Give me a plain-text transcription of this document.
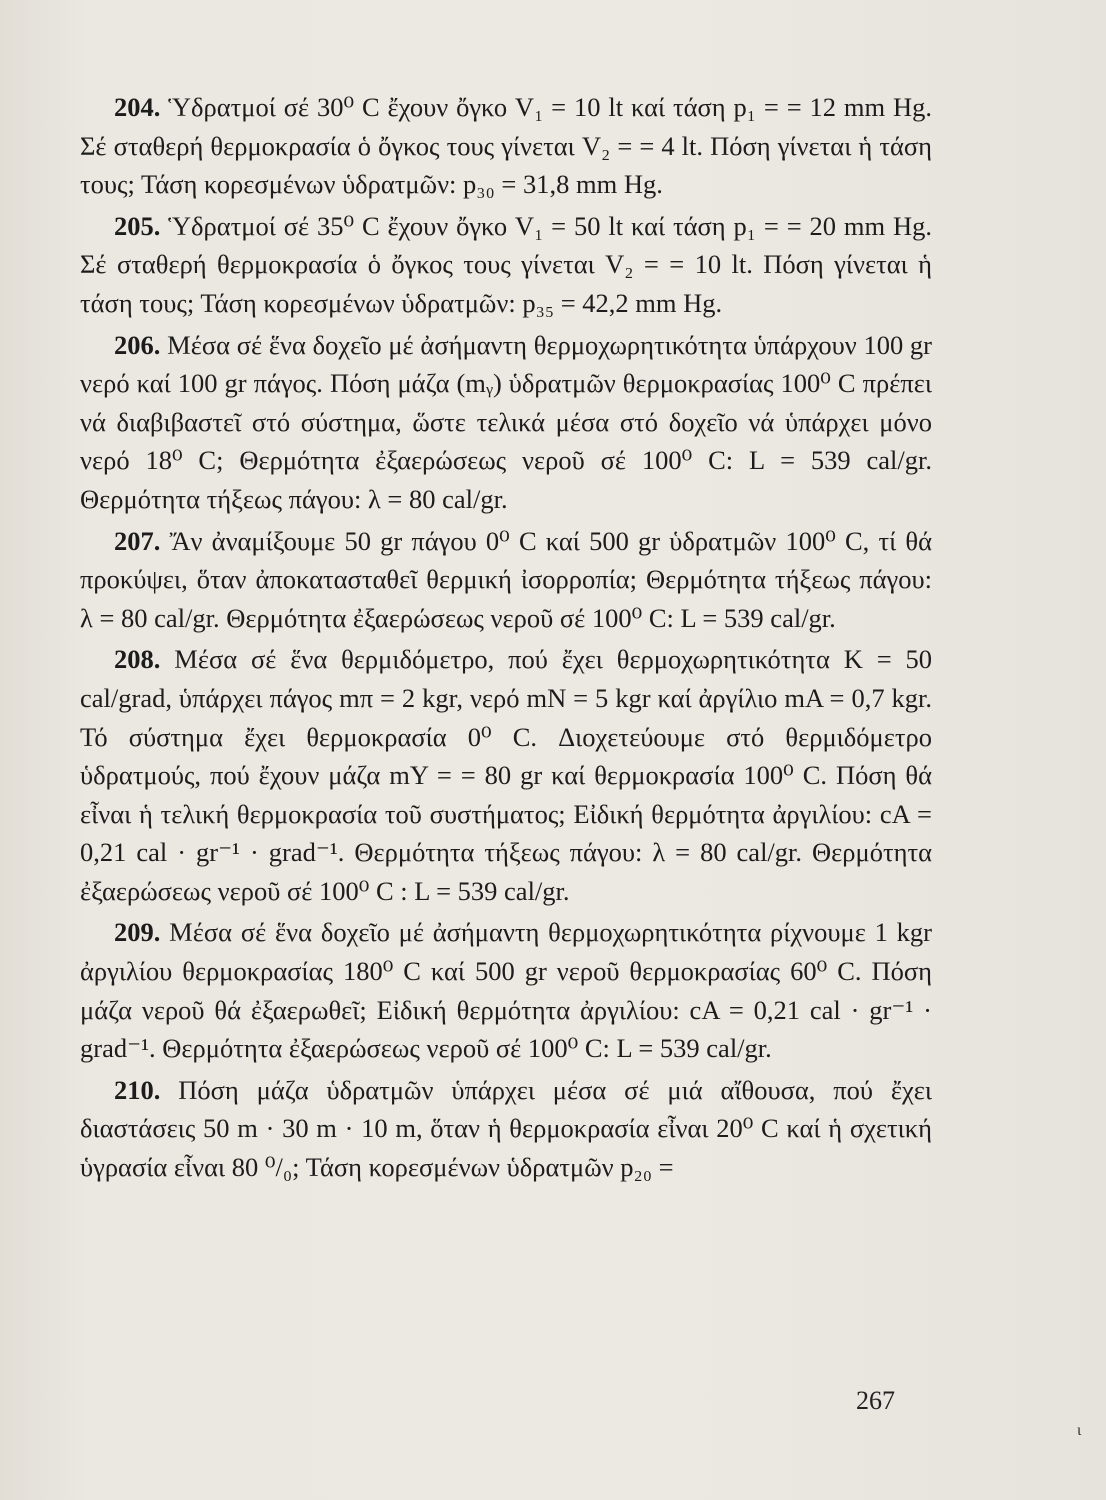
204. Ὑδρατμοί σέ 30⁰ C ἔχουν ὄγκο V₁ = 10 lt καί τάση p₁ = = 12 mm Hg. Σέ σταθερή θερμοκρασία ὁ ὄγκος τους γίνεται V₂ = = 4 lt. Πόση γίνεται ἡ τάση τους; Τάση κορεσμένων ὑδρατμῶν: p₃₀ = 31,8 mm Hg.

205. Ὑδρατμοί σέ 35⁰ C ἔχουν ὄγκο V₁ = 50 lt καί τάση p₁ = = 20 mm Hg. Σέ σταθερή θερμοκρασία ὁ ὄγκος τους γίνεται V₂ = = 10 lt. Πόση γίνεται ἡ τάση τους; Τάση κορεσμένων ὑδρατμῶν: p₃₅ = 42,2 mm Hg.

206. Μέσα σέ ἕνα δοχεῖο μέ ἀσήμαντη θερμοχωρητικότητα ὑπάρχουν 100 gr νερό καί 100 gr πάγος. Πόση μάζα (mᵧ) ὑδρατμῶν θερμοκρασίας 100⁰ C πρέπει νά διαβιβαστεῖ στό σύστημα, ὥστε τελικά μέσα στό δοχεῖο νά ὑπάρχει μόνο νερό 18⁰ C; Θερμότητα ἐξαερώσεως νεροῦ σέ 100⁰ C: L = 539 cal/gr. Θερμότητα τήξεως πάγου: λ = 80 cal/gr.

207. Ἄν ἀναμίξουμε 50 gr πάγου 0⁰ C καί 500 gr ὑδρατμῶν 100⁰ C, τί θά προκύψει, ὅταν ἀποκατασταθεῖ θερμική ἰσορροπία; Θερμότητα τήξεως πάγου: λ = 80 cal/gr. Θερμότητα ἐξαερώσεως νεροῦ σέ 100⁰ C: L = 539 cal/gr.

208. Μέσα σέ ἕνα θερμιδόμετρο, πού ἔχει θερμοχωρητικότητα K = 50 cal/grad, ὑπάρχει πάγος mπ = 2 kgr, νερό mN = 5 kgr καί ἀργίλιο mA = 0,7 kgr. Τό σύστημα ἔχει θερμοκρασία 0⁰ C. Διοχετεύουμε στό θερμιδόμετρο ὑδρατμούς, πού ἔχουν μάζα mY = = 80 gr καί θερμοκρασία 100⁰ C. Πόση θά εἶναι ἡ τελική θερμοκρασία τοῦ συστήματος; Εἰδική θερμότητα ἀργιλίου: cA = 0,21 cal · gr⁻¹ · grad⁻¹. Θερμότητα τήξεως πάγου: λ = 80 cal/gr. Θερμότητα ἐξαερώσεως νεροῦ σέ 100⁰ C : L = 539 cal/gr.

209. Μέσα σέ ἕνα δοχεῖο μέ ἀσήμαντη θερμοχωρητικότητα ρίχνουμε 1 kgr ἀργιλίου θερμοκρασίας 180⁰ C καί 500 gr νεροῦ θερμοκρασίας 60⁰ C. Πόση μάζα νεροῦ θά ἐξαερωθεῖ; Εἰδική θερμότητα ἀργιλίου: cA = 0,21 cal · gr⁻¹ · grad⁻¹. Θερμότητα ἐξαερώσεως νεροῦ σέ 100⁰ C: L = 539 cal/gr.

210. Πόση μάζα ὑδρατμῶν ὑπάρχει μέσα σέ μιά αἴθουσα, πού ἔχει διαστάσεις 50 m · 30 m · 10 m, ὅταν ἡ θερμοκρασία εἶναι 20⁰ C καί ἡ σχετική ὑγρασία εἶναι 80 ⁰/₀; Τάση κορεσμένων ὑδρατμῶν p₂₀ =

267
ι
